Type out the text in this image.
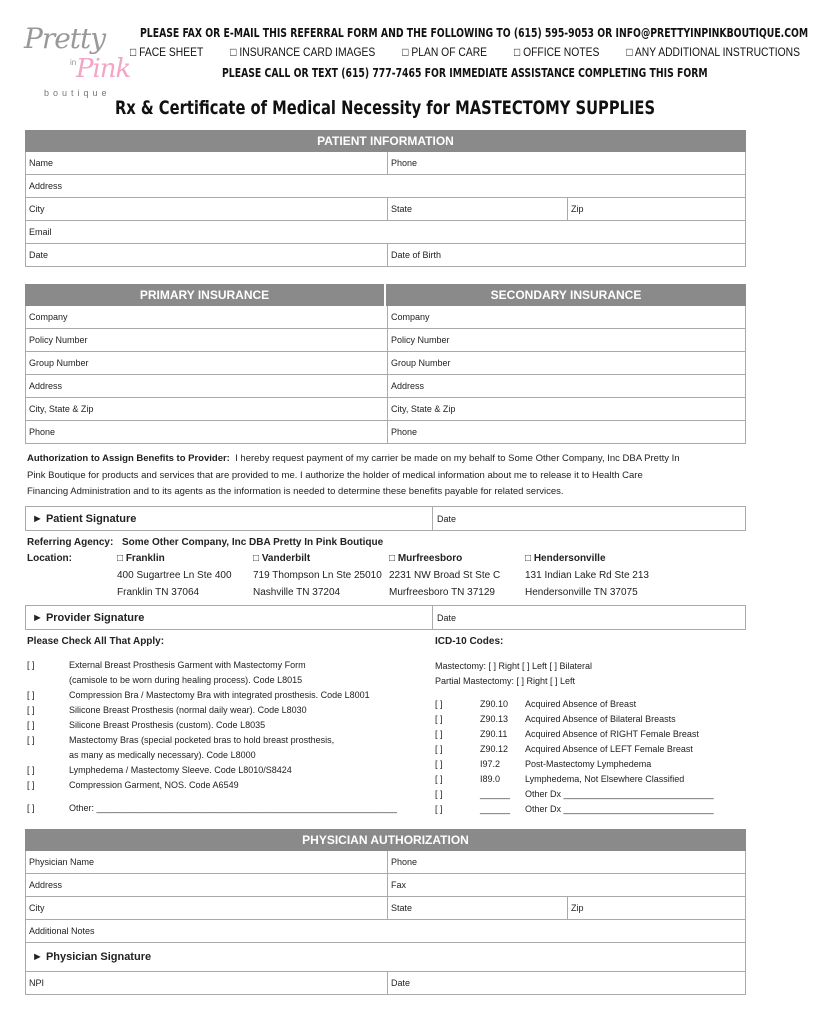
Pretty
in Pink
boutique
PLEASE FAX OR E-MAIL THIS REFERRAL FORM AND THE FOLLOWING TO (615) 595-9053 OR INFO@PRETTYINPINKBOUTIQUE.COM
□ FACE SHEET □ INSURANCE CARD IMAGES □ PLAN OF CARE □ OFFICE NOTES □ ANY ADDITIONAL INSTRUCTIONS
PLEASE CALL OR TEXT (615) 777-7465 FOR IMMEDIATE ASSISTANCE COMPLETING THIS FORM
Rx & Certificate of Medical Necessity for MASTECTOMY SUPPLIES
PATIENT INFORMATION
Name	Phone
Address
City	State	Zip
Email
Date	Date of Birth
PRIMARY INSURANCE	SECONDARY INSURANCE
Company	Company
Policy Number	Policy Number
Group Number	Group Number
Address	Address
City, State & Zip	City, State & Zip
Phone	Phone
Authorization to Assign Benefits to Provider: I hereby request payment of my carrier be made on my behalf to Some Other Company, Inc DBA Pretty In
Pink Boutique for products and services that are provided to me. I authorize the holder of medical information about me to release it to Health Care
Financing Administration and to its agents as the information is needed to determine these benefits payable for related services.
► Patient Signature	Date
Referring Agency: Some Other Company, Inc DBA Pretty In Pink Boutique
Location:	□ Franklin
400 Sugartree Ln Ste 400
Franklin TN 37064
□ Vanderbilt
719 Thompson Ln Ste 25010
Nashville TN 37204
□ Murfreesboro
2231 NW Broad St Ste C
Murfreesboro TN 37129
□ Hendersonville
131 Indian Lake Rd Ste 213
Hendersonville TN 37075
► Provider Signature	Date
Please Check All That Apply:
[ ]	External Breast Prosthesis Garment with Mastectomy Form
(camisole to be worn during healing process). Code L8015
[ ]	Compression Bra / Mastectomy Bra with integrated prosthesis. Code L8001
[ ]	Silicone Breast Prosthesis (normal daily wear). Code L8030
[ ]	Silicone Breast Prosthesis (custom). Code L8035
[ ]	Mastectomy Bras (special pocketed bras to hold breast prosthesis,
as many as medically necessary). Code L8000
[ ]	Lymphedema / Mastectomy Sleeve. Code L8010/S8424
[ ]	Compression Garment, NOS. Code A6549
[ ]	Other: ____________________________________________________________
ICD-10 Codes:
Mastectomy: [ ] Right [ ] Left [ ] Bilateral
Partial Mastectomy: [ ] Right [ ] Left
[ ]	Z90.10 Acquired Absence of Breast
[ ]	Z90.13 Acquired Absence of Bilateral Breasts
[ ]	Z90.11 Acquired Absence of RIGHT Female Breast
[ ]	Z90.12 Acquired Absence of LEFT Female Breast
[ ]	I97.2	Post-Mastectomy Lymphedema
[ ]	I89.0	Lymphedema, Not Elsewhere Classified
[ ]	______ Other Dx ______________________________
[ ]	______ Other Dx ______________________________
PHYSICIAN AUTHORIZATION
Physician Name	Phone
Address	Fax
City	State	Zip
Additional Notes
► Physician Signature
NPI	Date
